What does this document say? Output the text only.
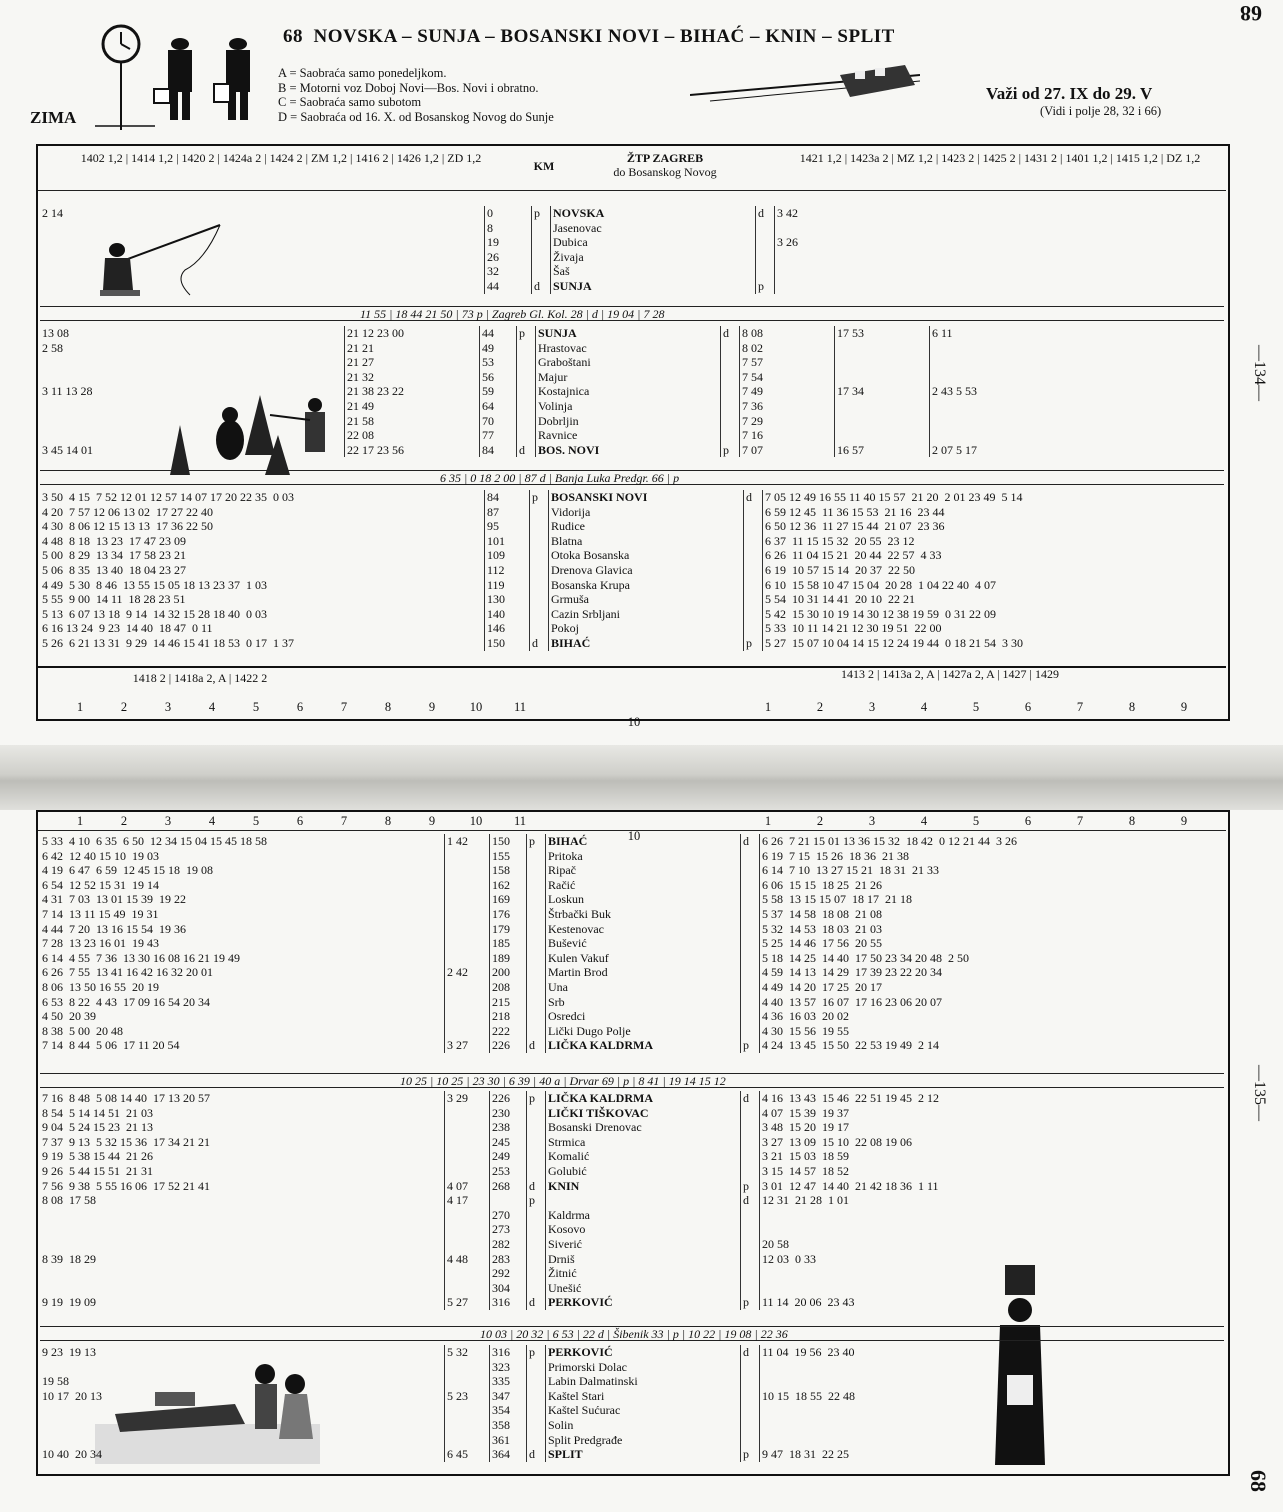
ZIMA
68 NOVSKA – SUNJA – BOSANSKI NOVI – BIHAĆ – KNIN – SPLIT
A = Saobraća samo ponedeljkom.
B = Motorni voz Doboj Novi—Bos. Novi i obratno.
C = Saobraća samo subotom
D = Saobraća od 16. X. od Bosanskog Novog do Sunje
Važi od 27. IX do 29. V
(Vidi i polje 28, 32 i 66)
68
—134—
1402 1,2 | 1414 1,2 | 1420 2 | 1424a 2 | 1424 2 | ZM 1,2 | 1416 2 | 1426 1,2 | ZD 1,2
KM
ŽTP ZAGREB
do Bosanskog Novog
1421 1,2 | 1423a 2 | MZ 1,2 | 1423 2 | 1425 2 | 1431 2 | 1401 1,2 | 1415 1,2 | DZ 1,2
2 14	0	p	NOVSKA	d	3 42
	8		Jasenovac		
	19		Dubica		3 26
	26		Živaja		
	32		Šaš		
	44	d	SUNJA	p	
11 55 | 18 44 21 50 | 73 p | Zagreb Gl. Kol. 28 | d | 19 04 | 7 28
13 08	21 12 23 00	44	p	SUNJA	d	8 08	17 53	6 11
2 58	21 21	49		Hrastovac		8 02		
	21 27	53		Graboštani		7 57		
	21 32	56		Majur		7 54		
3 11 13 28	21 38 23 22	59		Kostajnica		7 49	17 34	2 43 5 53
	21 49	64		Volinja		7 36		
	21 58	70		Dobrljin		7 29		
	22 08	77		Ravnice		7 16		
3 45 14 01	22 17 23 56	84	d	BOS. NOVI	p	7 07	16 57	2 07 5 17
6 35 | 0 18 2 00 | 87 d | Banja Luka Predgr. 66 | p
3 50  4 15  7 52 12 01 12 57 14 07 17 20 22 35  0 03	84	p	BOSANSKI NOVI	d	7 05 12 49 16 55 11 40 15 57  21 20  2 01 23 49  5 14
4 20  7 57 12 06 13 02  17 27 22 40	87		Vidorija		6 59 12 45  11 36 15 53  21 16  23 44
4 30  8 06 12 15 13 13  17 36 22 50	95		Rudice		6 50 12 36  11 27 15 44  21 07  23 36
4 48  8 18  13 23  17 47 23 09	101		Blatna		6 37  11 15 15 32  20 55  23 12
5 00  8 29  13 34  17 58 23 21	109		Otoka Bosanska		6 26  11 04 15 21  20 44  22 57  4 33
5 06  8 35  13 40  18 04 23 27	112		Drenova Glavica		6 19  10 57 15 14  20 37  22 50
4 49  5 30  8 46  13 55 15 05 18 13 23 37  1 03	119		Bosanska Krupa		6 10  15 58 10 47 15 04  20 28  1 04 22 40  4 07
5 55  9 00  14 11  18 28 23 51	130		Grmuša		5 54  10 31 14 41  20 10  22 21
5 13  6 07 13 18  9 14  14 32 15 28 18 40  0 03	140		Cazin Srbljani		5 42  15 30 10 19 14 30 12 38 19 59  0 31 22 09
6 16 13 24  9 23  14 40  18 47  0 11	146		Pokoj		5 33  10 11 14 21 12 30 19 51  22 00
5 26  6 21 13 31  9 29  14 46 15 41 18 53  0 17  1 37	150	d	BIHAĆ	p	5 27  15 07 10 04 14 15 12 24 19 44  0 18 21 54  3 30
1418 2 | 1418a 2, A | 1422 2	1413 2 | 1413a 2, A | 1427a 2, A | 1427 | 1429
1	2	3	4	5	6	7	8	9	10	11	1	2	3	4	5	6	7	8	910
—135—
68
1	2	3	4	5	6	7	8	9	10	11	1	2	3	4	5	6	7	8	910
5 33  4 10  6 35  6 50  12 34 15 04 15 45 18 58	1 42	150	p	BIHAĆ	d	6 26  7 21 15 01 13 36 15 32  18 42  0 12 21 44  3 26
6 42  12 40 15 10  19 03		155		Pritoka		6 19  7 15  15 26  18 36  21 38
4 19  6 47  6 59  12 45 15 18  19 08		158		Ripač		6 14  7 10  13 27 15 21  18 31  21 33
6 54  12 52 15 31  19 14		162		Račić		6 06  15 15  18 25  21 26
4 31  7 03  13 01 15 39  19 22		169		Loskun		5 58  13 15 15 07  18 17  21 18
7 14  13 11 15 49  19 31		176		Štrbački Buk		5 37  14 58  18 08  21 08
4 44  7 20  13 16 15 54  19 36		179		Kestenovac		5 32  14 53  18 03  21 03
7 28  13 23 16 01  19 43		185		Bušević		5 25  14 46  17 56  20 55
6 14  4 55  7 36  13 30 16 08 16 21 19 49		189		Kulen Vakuf		5 18  14 25  14 40  17 50 23 34 20 48  2 50
6 26  7 55  13 41 16 42 16 32 20 01	2 42	200		Martin Brod		4 59  14 13  14 29  17 39 23 22 20 34
8 06  13 50 16 55  20 19		208		Una		4 49  14 20  17 25  20 17
6 53  8 22  4 43  17 09 16 54 20 34		215		Srb		4 40  13 57  16 07  17 16 23 06 20 07
4 50  20 39		218		Osredci		4 36  16 03  20 02
8 38  5 00  20 48		222		Lički Dugo Polje		4 30  15 56  19 55
7 14  8 44  5 06  17 11 20 54	3 27	226	d	LIČKA KALDRMA	p	4 24  13 45  15 50  22 53 19 49  2 14
10 25 | 10 25 | 23 30 | 6 39 | 40 a | Drvar 69 | p | 8 41 | 19 14 15 12
7 16  8 48  5 08 14 40  17 13 20 57	3 29	226	p	LIČKA KALDRMA	d	4 16  13 43  15 46  22 51 19 45  2 12
8 54  5 14 14 51  21 03		230		LIČKI TIŠKOVAC		4 07  15 39  19 37
9 04  5 24 15 23  21 13		238		Bosanski Drenovac		3 48  15 20  19 17
7 37  9 13  5 32 15 36  17 34 21 21		245		Strmica		3 27  13 09  15 10  22 08 19 06
9 19  5 38 15 44  21 26		249		Komalić		3 21  15 03  18 59
9 26  5 44 15 51  21 31		253		Golubić		3 15  14 57  18 52
7 56  9 38  5 55 16 06  17 52 21 41	4 07	268	d	KNIN	p	3 01  12 47  14 40  21 42 18 36  1 11
8 08  17 58	4 17		p		d	12 31  21 28  1 01
		270		Kaldrma		
		273		Kosovo		
		282		Siverić		20 58
8 39  18 29	4 48	283		Drniš		12 03  0 33
		292		Žitnić		
		304		Unešić		
9 19  19 09	5 27	316	d	PERKOVIĆ	p	11 14  20 06  23 43
10 03 | 20 32 | 6 53 | 22 d | Šibenik 33 | p | 10 22 | 19 08 | 22 36
9 23  19 13	5 32	316	p	PERKOVIĆ	d	11 04  19 56  23 40
		323		Primorski Dolac		
19 58		335		Labin Dalmatinski		
10 17  20 13	5 23	347		Kaštel Stari		10 15  18 55  22 48
		354		Kaštel Sućurac		
		358		Solin		
		361		Split Predgrađe		
10 40  20 34	6 45	364	d	SPLIT	p	9 47  18 31  22 25
